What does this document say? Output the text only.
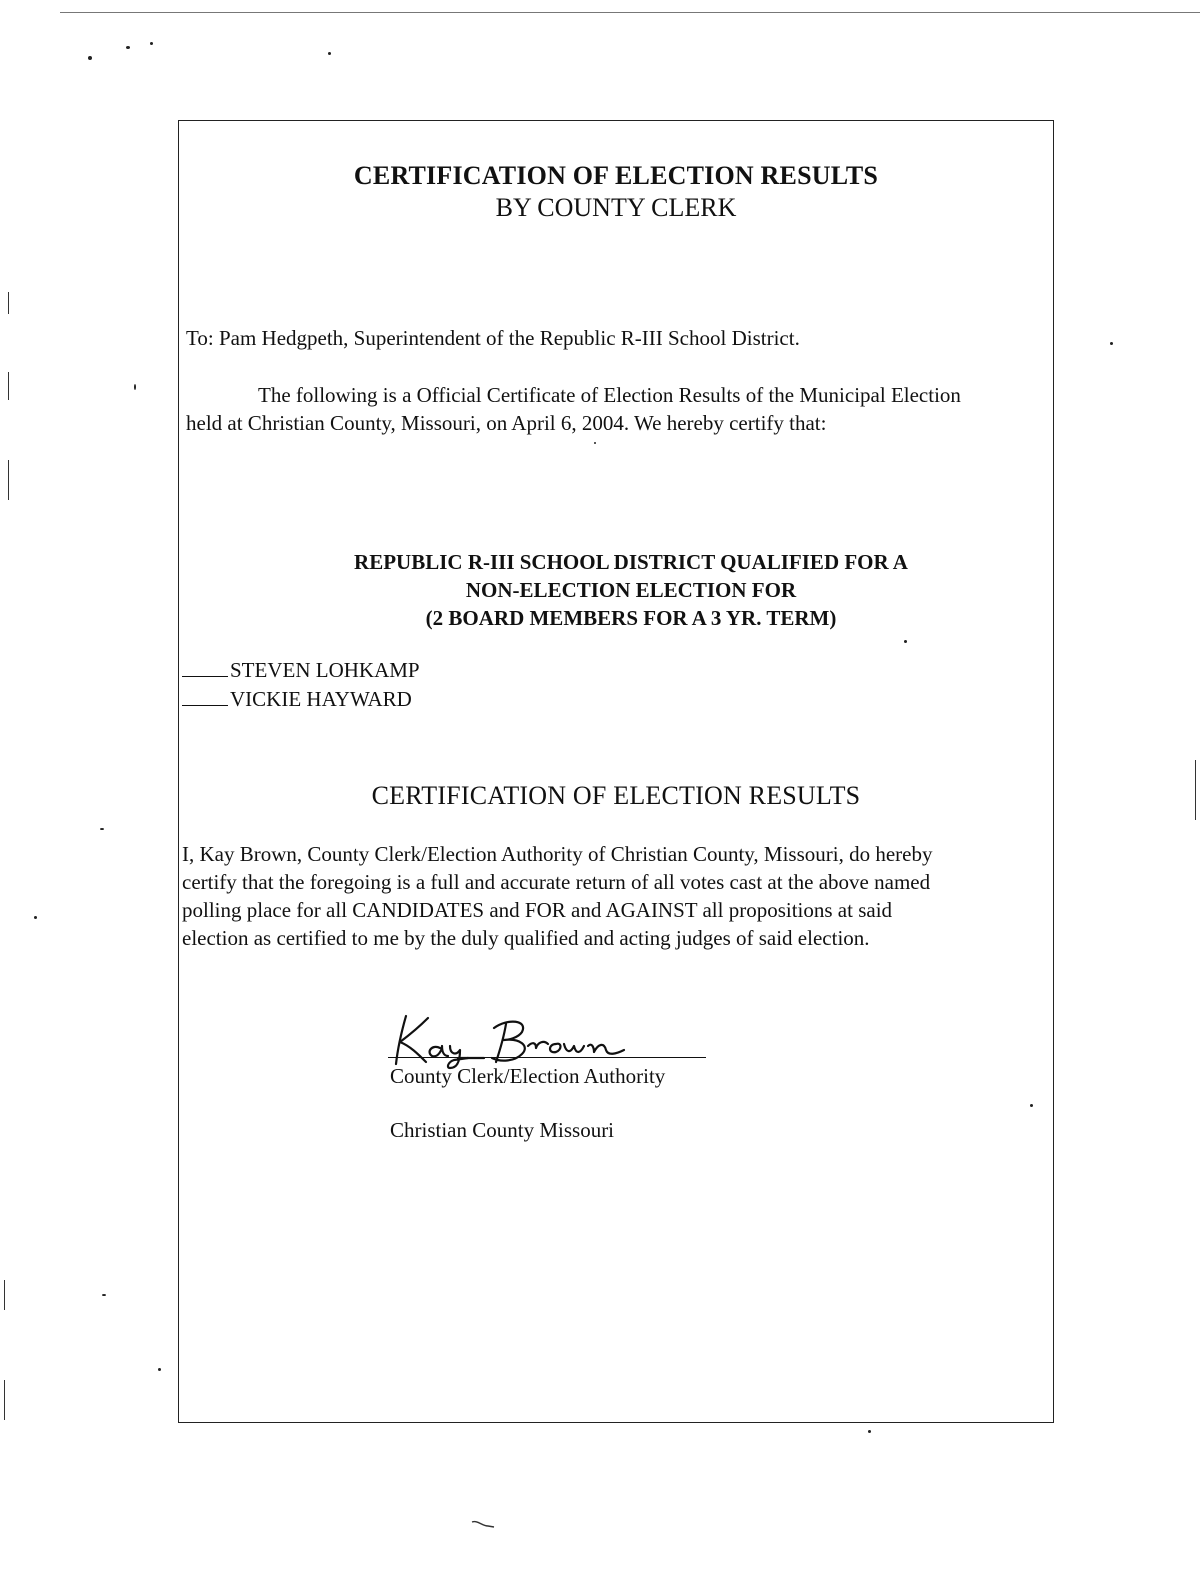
CERTIFICATION OF ELECTION RESULTS
BY COUNTY CLERK
To: Pam Hedgpeth, Superintendent of the Republic R-III School District.
The following is a Official Certificate of Election Results of the Municipal Election
held at Christian County, Missouri, on April 6, 2004. We hereby certify that:
REPUBLIC R-III SCHOOL DISTRICT QUALIFIED FOR A
NON-ELECTION ELECTION FOR
(2 BOARD MEMBERS FOR A 3 YR. TERM)
STEVEN LOHKAMP
VICKIE HAYWARD
CERTIFICATION OF ELECTION RESULTS
I, Kay Brown, County Clerk/Election Authority of Christian County, Missouri, do hereby
certify that the foregoing is a full and accurate return of all votes cast at the above named
polling place for all CANDIDATES and FOR and AGAINST all propositions at said
election as certified to me by the duly qualified and acting judges of said election.
County Clerk/Election Authority
Christian County Missouri
